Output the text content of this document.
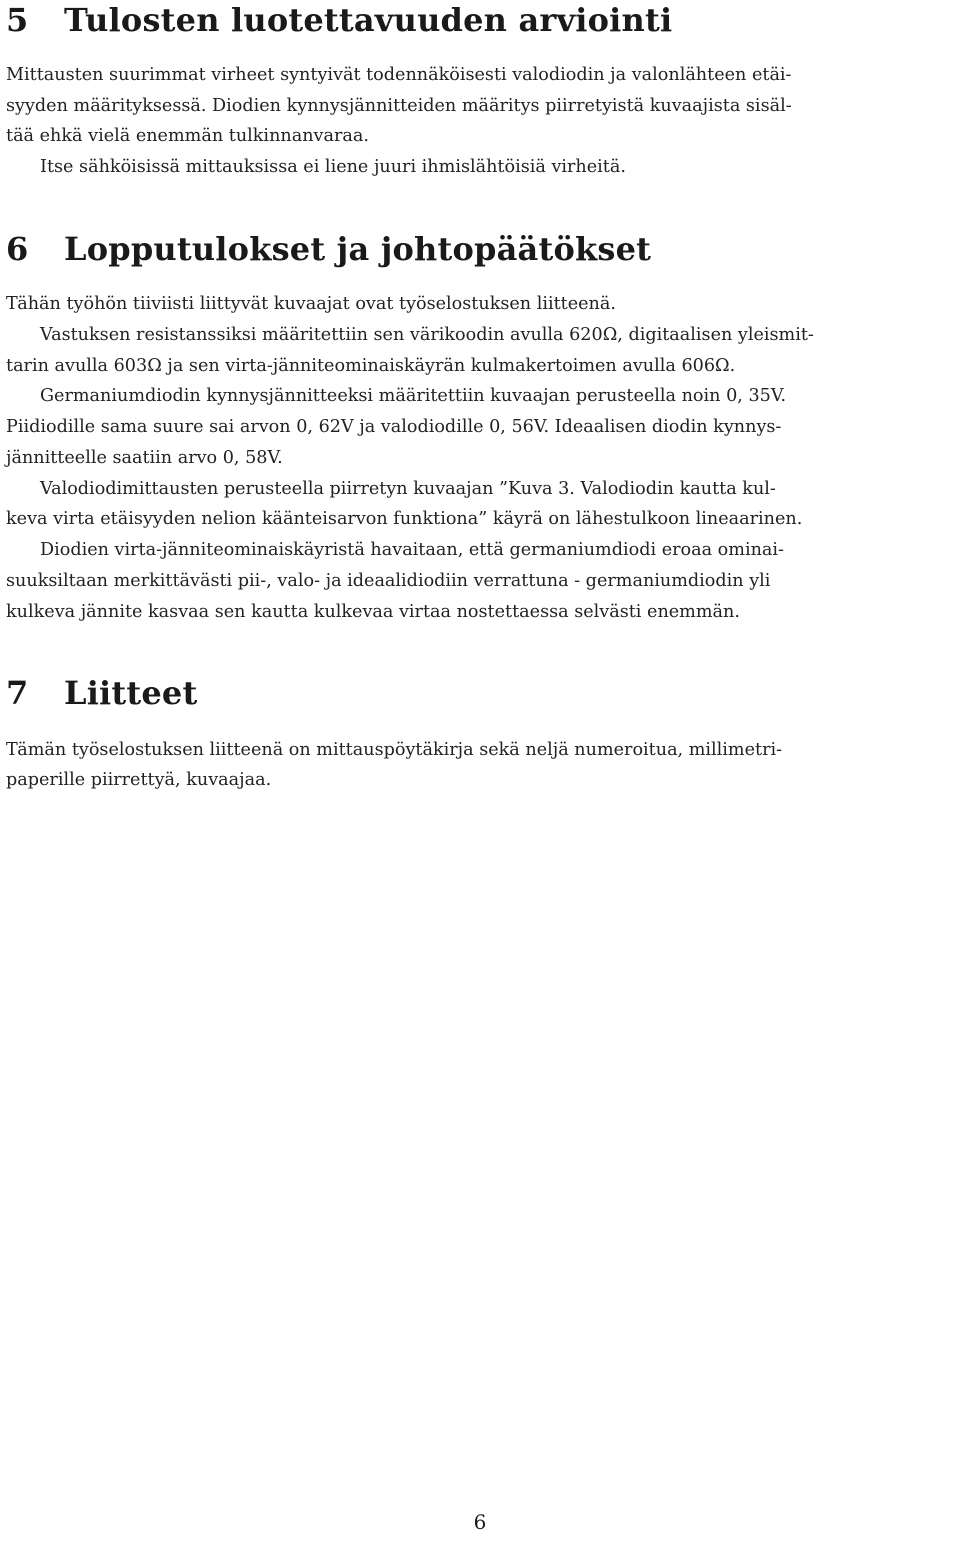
5 Tulosten luotettavuuden arviointi

Mittausten suurimmat virheet syntyivät todennäköisesti valodiodin ja valonlähteen etäi-

syyden määrityksessä. Diodien kynnysjännitteiden määritys piirretyistä kuvaajista sisäl-

tää ehkä vielä enemmän tulkinnanvaraa.

Itse sähköisissä mittauksissa ei liene juuri ihmislähtöisiä virheitä.

6 Lopputulokset ja johtopäätökset

Tähän työhön tiiviisti liittyvät kuvaajat ovat työselostuksen liitteenä.

Vastuksen resistanssiksi määritettiin sen värikoodin avulla 620Ω, digitaalisen yleismit-

tarin avulla 603Ω ja sen virta-jänniteominaiskäyrän kulmakertoimen avulla 606Ω.

Germaniumdiodin kynnysjännitteeksi määritettiin kuvaajan perusteella noin 0, 35V.

Piidiodille sama suure sai arvon 0, 62V ja valodiodille 0, 56V. Ideaalisen diodin kynnys-

jännitteelle saatiin arvo 0, 58V.

Valodiodimittausten perusteella piirretyn kuvaajan ”Kuva 3. Valodiodin kautta kul-

keva virta etäisyyden nelion käänteisarvon funktiona” käyrä on lähestulkoon lineaarinen.

Diodien virta-jänniteominaiskäyristä havaitaan, että germaniumdiodi eroaa ominai-

suuksiltaan merkittävästi pii-, valo- ja ideaalidiodiin verrattuna - germaniumdiodin yli

kulkeva jännite kasvaa sen kautta kulkevaa virtaa nostettaessa selvästi enemmän.

7 Liitteet

Tämän työselostuksen liitteenä on mittauspöytäkirja sekä neljä numeroitua, millimetri-

paperille piirrettyä, kuvaajaa.

6
